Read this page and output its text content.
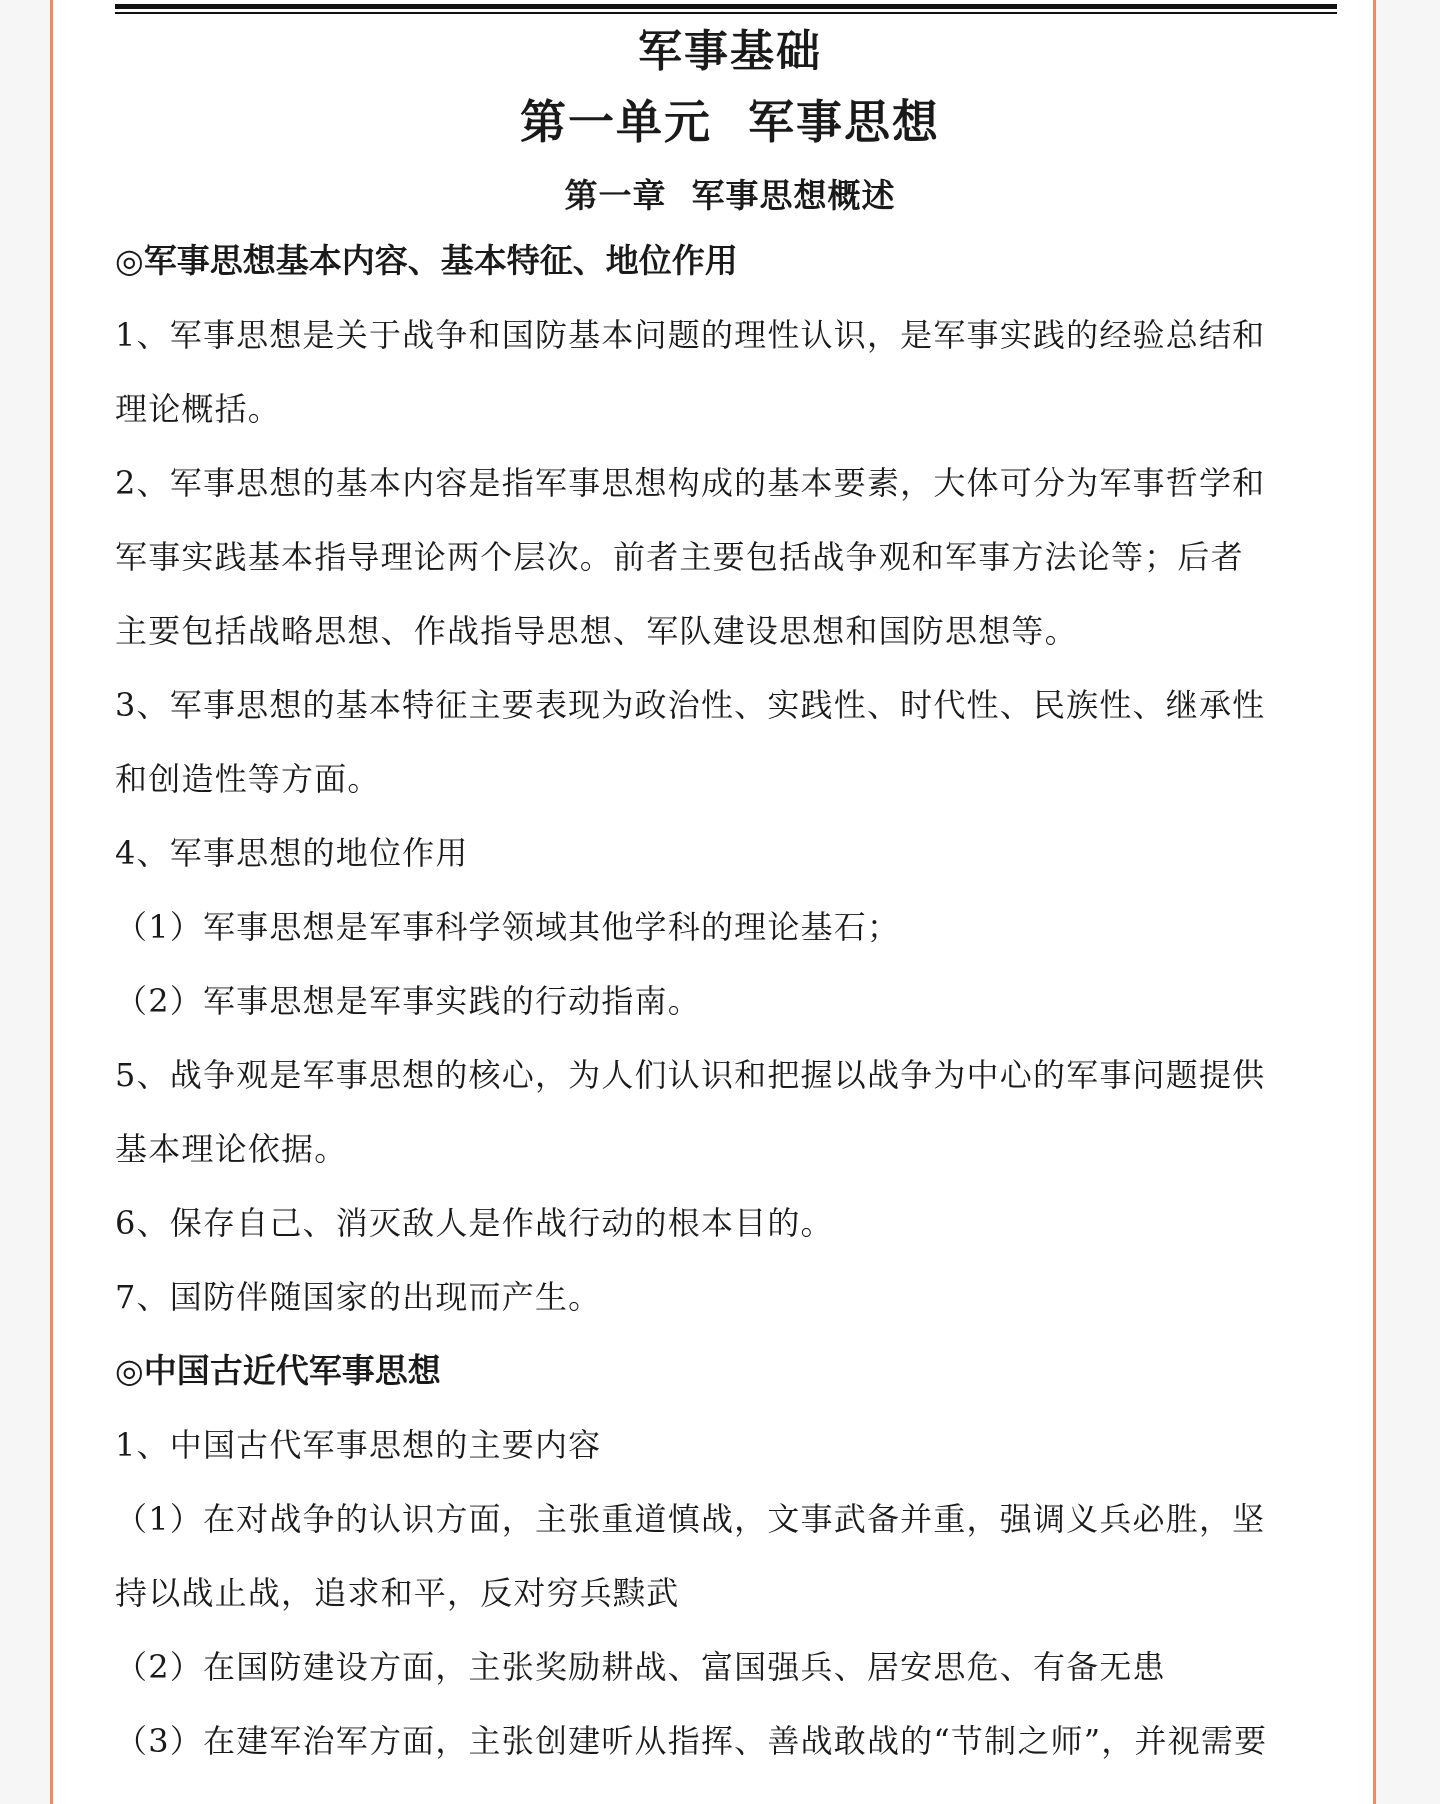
军事基础
第一单元 军事思想
第一章 军事思想概述

◎军事思想基本内容、基本特征、地位作用

1、军事思想是关于战争和国防基本问题的理性认识，是军事实践的经验总结和

理论概括。

2、军事思想的基本内容是指军事思想构成的基本要素，大体可分为军事哲学和

军事实践基本指导理论两个层次。前者主要包括战争观和军事方法论等；后者

主要包括战略思想、作战指导思想、军队建设思想和国防思想等。

3、军事思想的基本特征主要表现为政治性、实践性、时代性、民族性、继承性

和创造性等方面。

4、军事思想的地位作用

（1）军事思想是军事科学领域其他学科的理论基石；

（2）军事思想是军事实践的行动指南。

5、战争观是军事思想的核心，为人们认识和把握以战争为中心的军事问题提供

基本理论依据。

6、保存自己、消灭敌人是作战行动的根本目的。

7、国防伴随国家的出现而产生。

◎中国古近代军事思想

1、中国古代军事思想的主要内容

（1）在对战争的认识方面，主张重道慎战，文事武备并重，强调义兵必胜，坚

持以战止战，追求和平，反对穷兵黩武

（2）在国防建设方面，主张奖励耕战、富国强兵、居安思危、有备无患

（3）在建军治军方面，主张创建听从指挥、善战敢战的“节制之师”，并视需要
